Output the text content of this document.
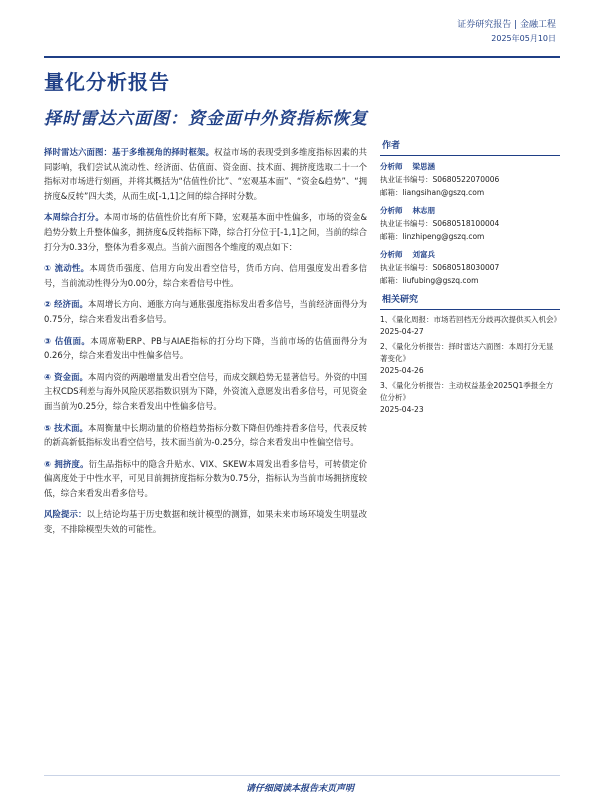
证券研究报告 | 金融工程
2025年05月10日
量化分析报告
择时雷达六面图：资金面中外资指标恢复

择时雷达六面图：基于多维视角的择时框架。权益市场的表现受到多维度指标因素的共同影响，我们尝试从流动性、经济面、估值面、资金面、技术面、拥挤度选取二十一个指标对市场进行刻画，并将其概括为“估值性价比”、“宏观基本面”、“资金&趋势”、“拥挤度&反转”四大类，从而生成[-1,1]之间的综合择时分数。

本周综合打分。本周市场的估值性价比有所下降，宏观基本面中性偏多，市场的资金&趋势分数上升整体偏多，拥挤度&反转指标下降，综合打分位于[-1,1]之间，当前的综合打分为0.33分，整体为看多观点。当前六面图各个维度的观点如下：

① 流动性。本周货币强度、信用方向发出看空信号，货币方向、信用强度发出看多信号，当前流动性得分为0.00分，综合来看信号中性。

② 经济面。本周增长方向、通胀方向与通胀强度指标发出看多信号，当前经济面得分为0.75分，综合来看发出看多信号。

③ 估值面。本周席勒ERP、PB与AIAE指标的打分均下降，当前市场的估值面得分为0.26分，综合来看发出中性偏多信号。

④ 资金面。本周内资的两融增量发出看空信号，而成交额趋势无显著信号。外资的中国主权CDS利差与海外风险厌恶指数识别为下降，外资流入意愿发出看多信号，可见资金面当前为0.25分，综合来看发出中性偏多信号。

⑤ 技术面。本周衡量中长期动量的价格趋势指标分数下降但仍维持看多信号，代表反转的新高新低指标发出看空信号，技术面当前为-0.25分，综合来看发出中性偏空信号。

⑥ 拥挤度。衍生品指标中的隐含升贴水、VIX、SKEW本周发出看多信号，可转债定价偏离度处于中性水平，可见目前拥挤度指标分数为0.75分，指标认为当前市场拥挤度较低，综合来看发出看多信号。

风险提示：以上结论均基于历史数据和统计模型的测算，如果未来市场环境发生明显改变，不排除模型失效的可能性。

作者
分析师 梁思涵
执业证书编号：S0680522070006
邮箱：liangsihan@gszq.com
分析师 林志朋
执业证书编号：S0680518100004
邮箱：linzhipeng@gszq.com
分析师 刘富兵
执业证书编号：S0680518030007
邮箱：liufubing@gszq.com
相关研究
1、《量化周报：市场若回档无分歧再次提供买入机会》
2025-04-27
2、《量化分析报告：择时雷达六面图：本周打分无显著变化》
2025-04-26
3、《量化分析报告：主动权益基金2025Q1季报全方位分析》
2025-04-23
请仔细阅读本报告末页声明
